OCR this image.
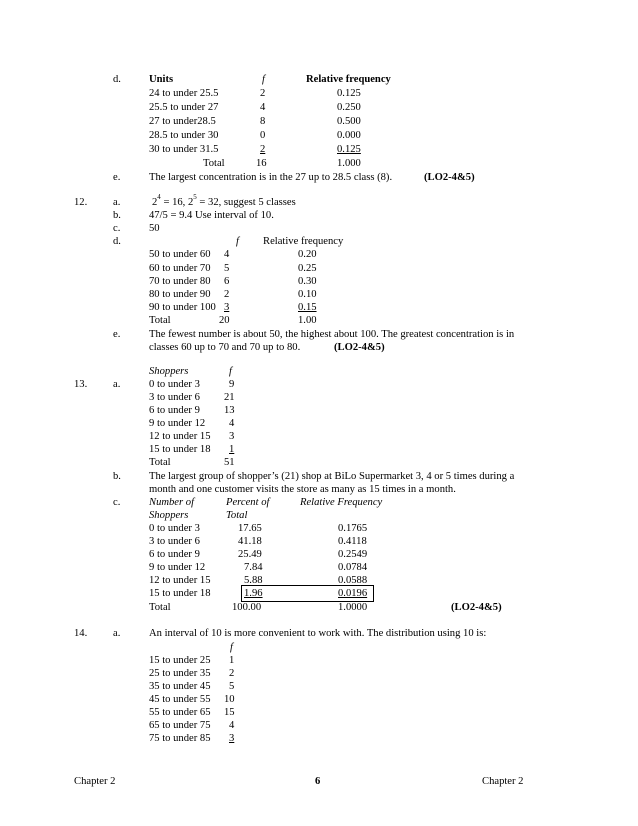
d.	Units	f	Relative frequency
24 to under 25.5	2	0.125
25.5 to under 27	4	0.250
27 to under28.5	8	0.500
28.5 to under 30	0	0.000
30 to under 31.5	2	0.125
Total	16	1.000
e.	The largest concentration is in the 27 up to 28.5 class (8).	(LO2-4&5)
12. a.	$2^4 = 16$, $2^5 = 32$, suggest 5 classes
b.	47/5 = 9.4 Use interval of 10.
c.	50
d.	f Relative frequency
50 to under 60 4	0.20
60 to under 70 5	0.25
70 to under 80 6	0.30
80 to under 90 2	0.10
90 to under 100 3	0.15
Total	20	1.00
e.	The fewest number is about 50, the highest about 100. The greatest concentration is in
classes 60 up to 70 and 70 up to 80.	(LO2-4&5)
Shoppers	f
13. a.	0 to under 3	9
3 to under 6 21
6 to under 9 13
9 to under 12 4
12 to under 15 3
15 to under 18 1
Total	51
b.	The largest group of shopper’s (21) shop at BiLo Supermarket 3, 4 or 5 times during a
month and one customer visits the store as many as 15 times in a month.
c.	Number of	Percent of	Relative Frequency
Shoppers	Total
0 to under 3	17.65	0.1765
3 to under 6	41.18	0.4118
6 to under 9	25.49	0.2549
9 to under 12	7.84	0.0784
12 to under 15	5.88	0.0588
15 to under 18	1.96	0.0196
Total	100.00	1.0000	(LO2-4&5)
14. a.	An interval of 10 is more convenient to work with. The distribution using 10 is:
f
15 to under 25 1
25 to under 35 2
35 to under 45 5
45 to under 55 10
55 to under 65 15
65 to under 75 4
75 to under 85 3
Chapter 2	6	Chapter 2
